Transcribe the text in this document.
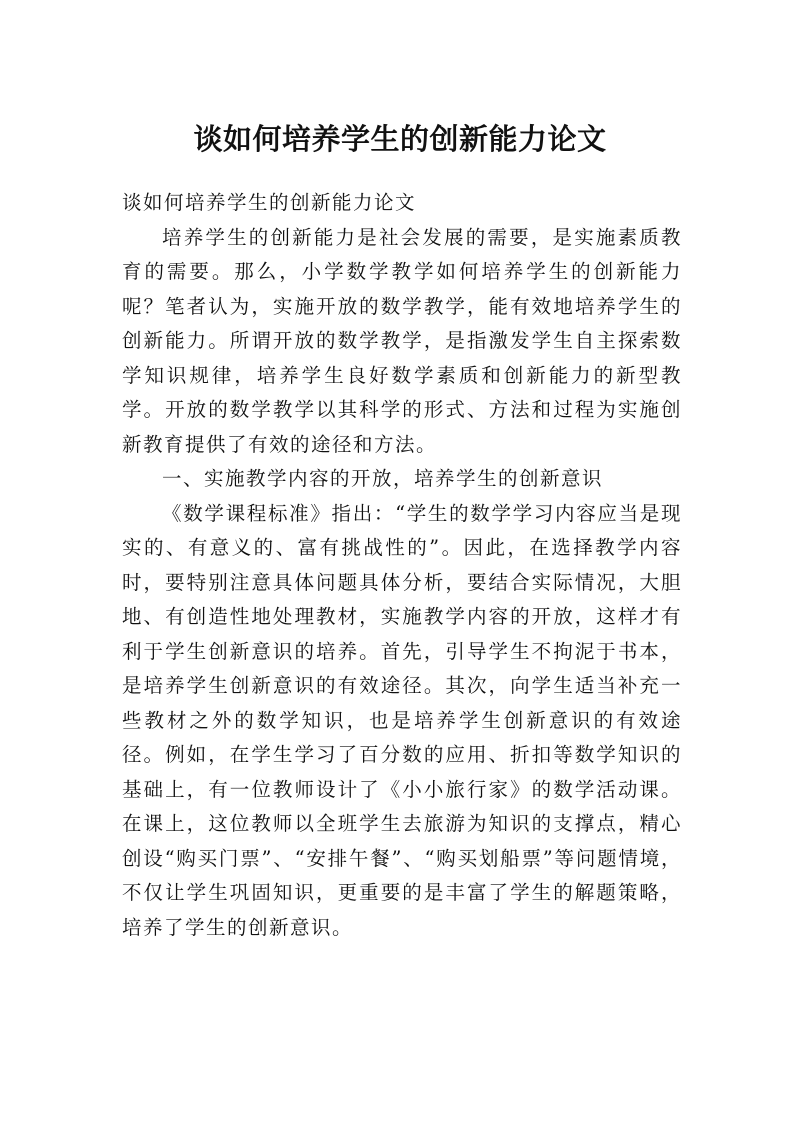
谈如何培养学生的创新能力论文

谈如何培养学生的创新能力论文

培养学生的创新能力是社会发展的需要，是实施素质教育的需要。那么，小学数学教学如何培养学生的创新能力呢？笔者认为，实施开放的数学教学，能有效地培养学生的创新能力。所谓开放的数学教学，是指激发学生自主探索数学知识规律，培养学生良好数学素质和创新能力的新型教学。开放的数学教学以其科学的形式、方法和过程为实施创新教育提供了有效的途径和方法。

一、实施教学内容的开放，培养学生的创新意识

《数学课程标准》指出：“学生的数学学习内容应当是现实的、有意义的、富有挑战性的”。因此，在选择教学内容时，要特别注意具体问题具体分析，要结合实际情况，大胆地、有创造性地处理教材，实施教学内容的开放，这样才有利于学生创新意识的培养。首先，引导学生不拘泥于书本，是培养学生创新意识的有效途径。其次，向学生适当补充一些教材之外的数学知识，也是培养学生创新意识的有效途径。例如，在学生学习了百分数的应用、折扣等数学知识的基础上，有一位教师设计了《小小旅行家》的数学活动课。在课上，这位教师以全班学生去旅游为知识的支撑点，精心创设“购买门票”、“安排午餐”、“购买划船票”等问题情境，不仅让学生巩固知识，更重要的是丰富了学生的解题策略，培养了学生的创新意识。
